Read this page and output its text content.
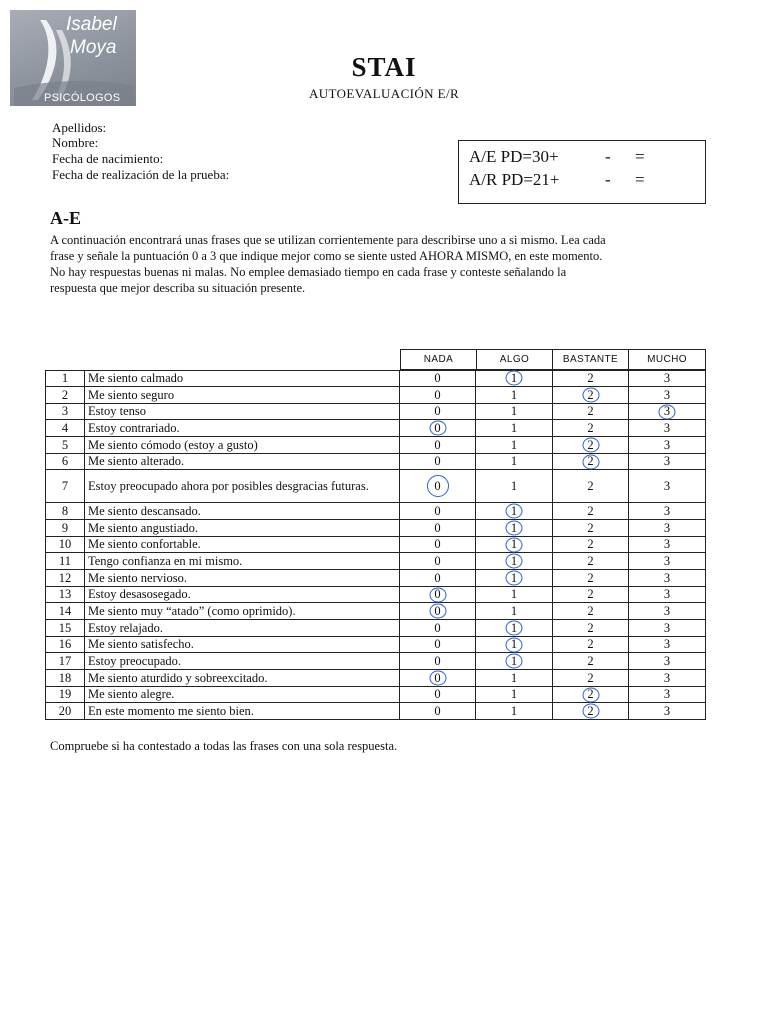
Isabel
Moya
PSICÓLOGOS
STAI
AUTOEVALUACIÓN E/R
Apellidos:
Nombre:
Fecha de nacimiento:
Fecha de realización de la prueba:
A/E PD=30+	- =
A/R PD=21+	- =
A-E
A continuación encontrará unas frases que se utilizan corrientemente para describirse uno a si mismo. Lea cada
frase y señale la puntuación 0 a 3 que indique mejor como se siente usted AHORA MISMO, en este momento.
No hay respuestas buenas ni malas. No emplee demasiado tiempo en cada frase y conteste señalando la
respuesta que mejor describa su situación presente.
NADA	ALGO	BASTANTE	MUCHO
1	Me siento calmado	0	1	2	3
2	Me siento seguro	0	1	2	3
3	Estoy tenso	0	1	2	3
4	Estoy contrariado.	0	1	2	3
5	Me siento cómodo (estoy a gusto)	0	1	2	3
6	Me siento alterado.	0	1	2	3
7	Estoy preocupado ahora por posibles desgracias futuras.	0	1	2	3
8	Me siento descansado.	0	1	2	3
9	Me siento angustiado.	0	1	2	3
10	Me siento confortable.	0	1	2	3
11	Tengo confianza en mi mismo.	0	1	2	3
12	Me siento nervioso.	0	1	2	3
13	Estoy desasosegado.	0	1	2	3
14	Me siento muy “atado” (como oprimido).	0	1	2	3
15	Estoy relajado.	0	1	2	3
16	Me siento satisfecho.	0	1	2	3
17	Estoy preocupado.	0	1	2	3
18	Me siento aturdido y sobreexcitado.	0	1	2	3
19	Me siento alegre.	0	1	2	3
20	En este momento me siento bien.	0	1	2	3
Compruebe si ha contestado a todas las frases con una sola respuesta.
